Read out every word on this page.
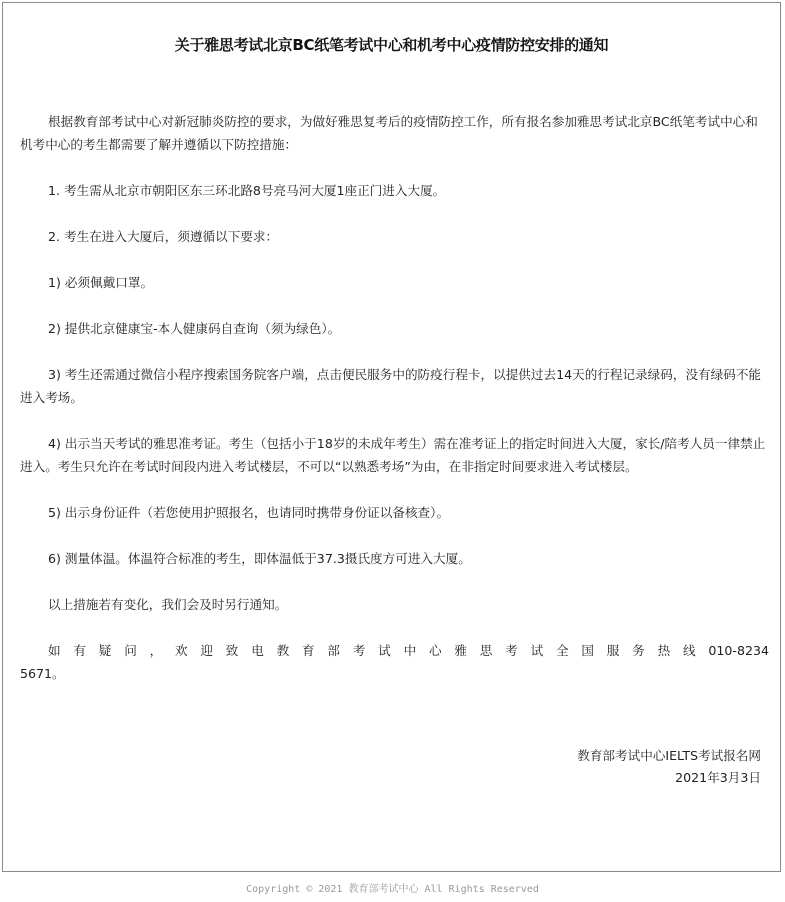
关于雅思考试北京BC纸笔考试中心和机考中心疫情防控安排的通知

根据教育部考试中心对新冠肺炎防控的要求，为做好雅思复考后的疫情防控工作，所有报名参加雅思考试北京BC纸笔考试中心和机考中心的考生都需要了解并遵循以下防控措施：

1. 考生需从北京市朝阳区东三环北路8号亮马河大厦1座正门进入大厦。

2. 考生在进入大厦后，须遵循以下要求：

1) 必须佩戴口罩。

2) 提供北京健康宝-本人健康码自查询（须为绿色）。

3) 考生还需通过微信小程序搜索国务院客户端，点击便民服务中的防疫行程卡，以提供过去14天的行程记录绿码，没有绿码不能进入考场。

4) 出示当天考试的雅思准考证。考生（包括小于18岁的未成年考生）需在准考证上的指定时间进入大厦，家长/陪考人员一律禁止进入。考生只允许在考试时间段内进入考试楼层，不可以“以熟悉考场”为由，在非指定时间要求进入考试楼层。

5) 出示身份证件（若您使用护照报名，也请同时携带身份证以备核查）。

6) 测量体温。体温符合标准的考生，即体温低于37.3摄氏度方可进入大厦。

以上措施若有变化，我们会及时另行通知。

如有疑问，欢迎致电教育部考试中心雅思考试全国服务热线010-8234

5671。

教育部考试中心IELTS考试报名网
2021年3月3日
Copyright © 2021 教育部考试中心 All Rights Reserved
